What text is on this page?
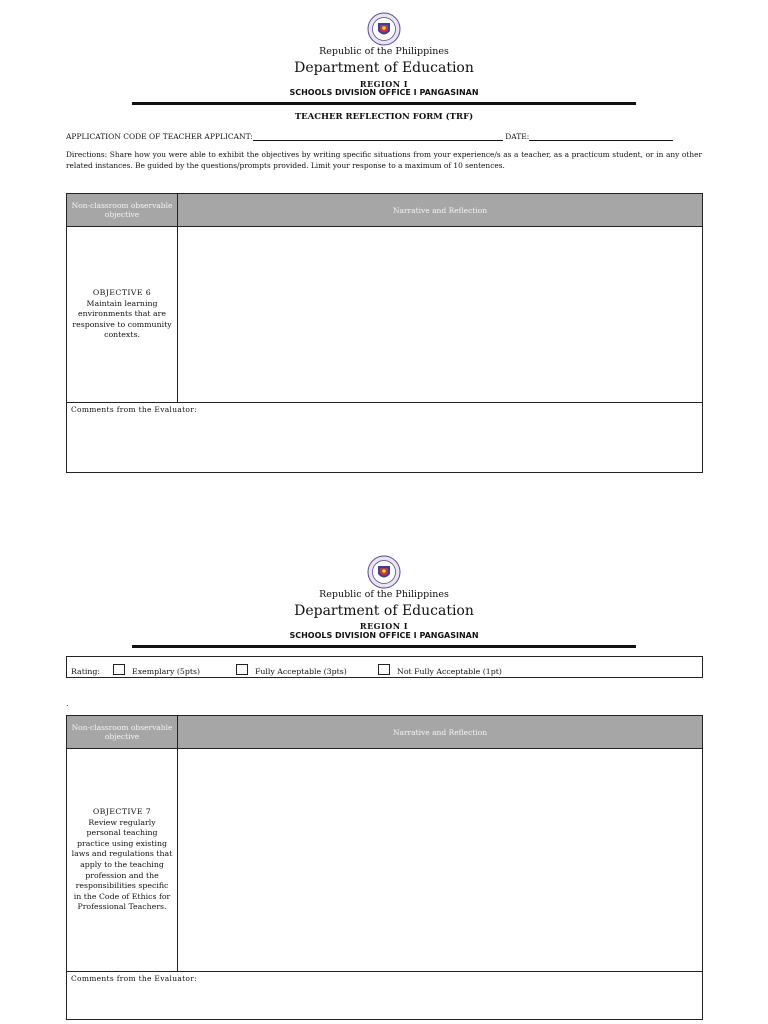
Republic of the Philippines
Department of Education
REGION I
SCHOOLS DIVISION OFFICE I PANGASINAN
TEACHER REFLECTION FORM (TRF)
APPLICATION CODE OF TEACHER APPLICANT:	DATE:
Directions: Share how you were able to exhibit the objectives by writing specific situations from your experience/s as a teacher, as a practicum student, or in any other related instances. Be guided by the questions/prompts provided. Limit your response to a maximum of 10 sentences.
Non-classroom observable objective	Narrative and Reflection

OBJECTIVE 6
Maintain learning environments that are responsive to community contexts.	

Comments from the Evaluator:	
Republic of the Philippines
Department of Education
REGION I
SCHOOLS DIVISION OFFICE I PANGASINAN
Rating:	Exemplary (5pts)	Fully Acceptable (3pts)	Not Fully Acceptable (1pt)
.
Non-classroom observable objective	Narrative and Reflection

OBJECTIVE 7
Review regularly personal teaching practice using existing laws and regulations that apply to the teaching profession and the responsibilities specific in the Code of Ethics for Professional Teachers.	

Comments from the Evaluator:	
